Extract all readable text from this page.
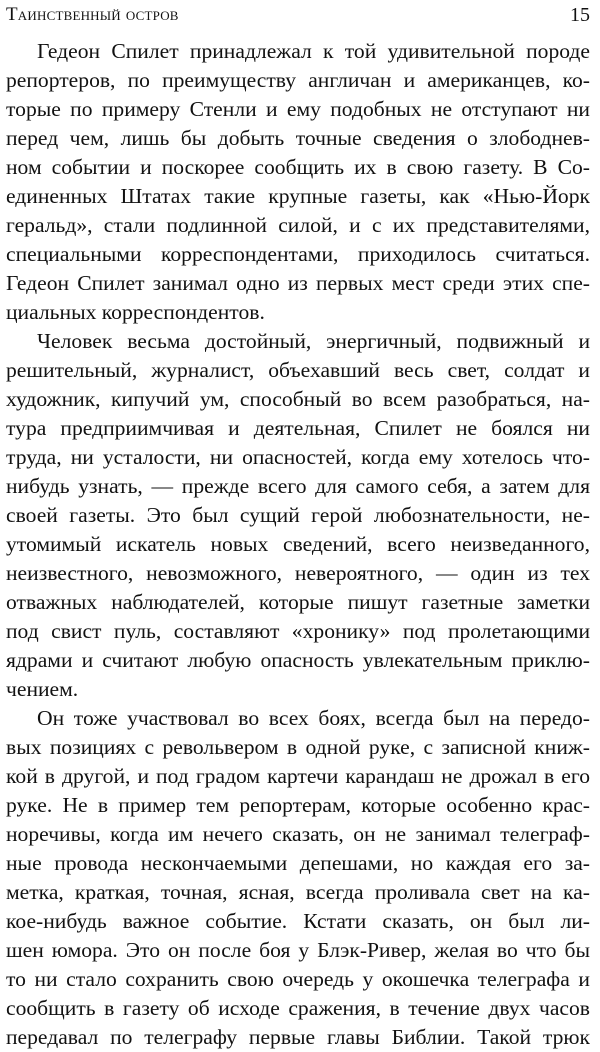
Таинственный остров	15
Гедеон Спилет принадлежал к той удивительной породе
репортеров, по преимуществу англичан и американцев, ко-
торые по примеру Стенли и ему подобных не отступают ни
перед чем, лишь бы добыть точные сведения о злободнев-
ном событии и поскорее сообщить их в свою газету. В Со-
единенных Штатах такие крупные газеты, как «Нью-Йорк
геральд», стали подлинной силой, и с их представителями,
специальными корреспондентами, приходилось считаться.
Гедеон Спилет занимал одно из первых мест среди этих спе-
циальных корреспондентов.
Человек весьма достойный, энергичный, подвижный и
решительный, журналист, объехавший весь свет, солдат и
художник, кипучий ум, способный во всем разобраться, на-
тура предприимчивая и деятельная, Спилет не боялся ни
труда, ни усталости, ни опасностей, когда ему хотелось что-
нибудь узнать, — прежде всего для самого себя, а затем для
своей газеты. Это был сущий герой любознательности, не-
утомимый искатель новых сведений, всего неизведанного,
неизвестного, невозможного, невероятного, — один из тех
отважных наблюдателей, которые пишут газетные заметки
под свист пуль, составляют «хронику» под пролетающими
ядрами и считают любую опасность увлекательным приклю-
чением.
Он тоже участвовал во всех боях, всегда был на передо-
вых позициях с револьвером в одной руке, с записной книж-
кой в другой, и под градом картечи карандаш не дрожал в его
руке. Не в пример тем репортерам, которые особенно крас-
норечивы, когда им нечего сказать, он не занимал телеграф-
ные провода нескончаемыми депешами, но каждая его за-
метка, краткая, точная, ясная, всегда проливала свет на ка-
кое-нибудь важное событие. Кстати сказать, он был ли-
шен юмора. Это он после боя у Блэк-Ривер, желая во что бы
то ни стало сохранить свою очередь у окошечка телеграфа и
сообщить в газету об исходе сражения, в течение двух часов
передавал по телеграфу первые главы Библии. Такой трюк
